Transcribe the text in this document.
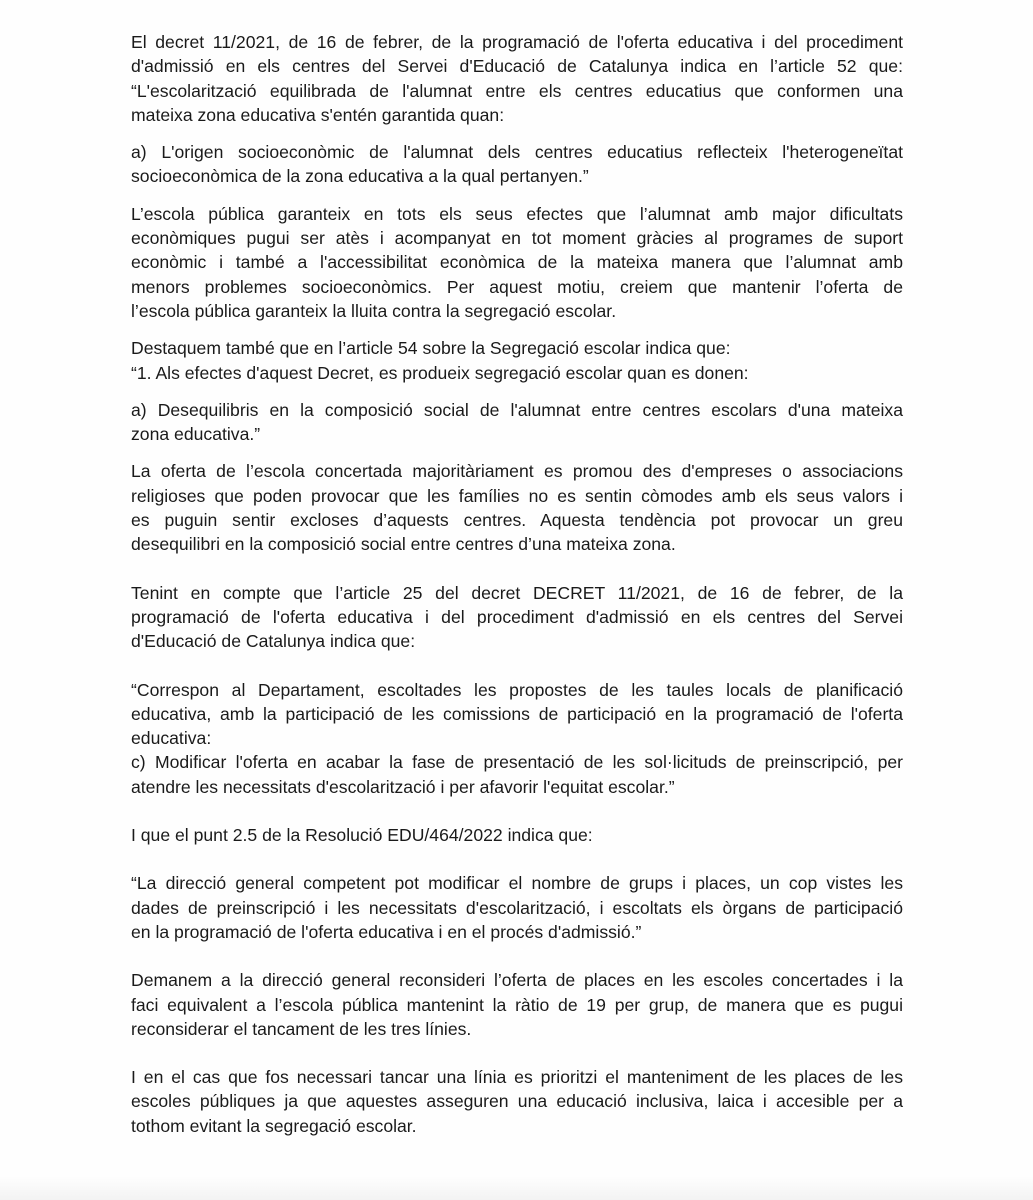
El decret 11/2021, de 16 de febrer, de la programació de l'oferta educativa i del procediment
d'admissió en els centres del Servei d'Educació de Catalunya indica en l’article 52 que:
“L'escolarització equilibrada de l'alumnat entre els centres educatius que conformen una
mateixa zona educativa s'entén garantida quan:

a) L'origen socioeconòmic de l'alumnat dels centres educatius reflecteix l'heterogeneïtat
socioeconòmica de la zona educativa a la qual pertanyen.”

L’escola pública garanteix en tots els seus efectes que l’alumnat amb major dificultats
econòmiques pugui ser atès i acompanyat en tot moment gràcies al programes de suport
econòmic i també a l'accessibilitat econòmica de la mateixa manera que l’alumnat amb
menors problemes socioeconòmics. Per aquest motiu, creiem que mantenir l’oferta de
l’escola pública garanteix la lluita contra la segregació escolar.

Destaquem també que en l’article 54 sobre la Segregació escolar indica que:
“1. Als efectes d'aquest Decret, es produeix segregació escolar quan es donen:

a) Desequilibris en la composició social de l'alumnat entre centres escolars d'una mateixa
zona educativa.”

La oferta de l’escola concertada majoritàriament es promou des d'empreses o associacions
religioses que poden provocar que les famílies no es sentin còmodes amb els seus valors i
es puguin sentir excloses d’aquests centres. Aquesta tendència pot provocar un greu
desequilibri en la composició social entre centres d’una mateixa zona.

Tenint en compte que l’article 25 del decret DECRET 11/2021, de 16 de febrer, de la
programació de l'oferta educativa i del procediment d'admissió en els centres del Servei
d'Educació de Catalunya indica que:

“Correspon al Departament, escoltades les propostes de les taules locals de planificació
educativa, amb la participació de les comissions de participació en la programació de l'oferta
educativa:
c) Modificar l'oferta en acabar la fase de presentació de les sol·licituds de preinscripció, per
atendre les necessitats d'escolarització i per afavorir l'equitat escolar.”

I que el punt 2.5 de la Resolució EDU/464/2022 indica que:

“La direcció general competent pot modificar el nombre de grups i places, un cop vistes les
dades de preinscripció i les necessitats d'escolarització, i escoltats els òrgans de participació
en la programació de l'oferta educativa i en el procés d'admissió.”

Demanem a la direcció general reconsideri l’oferta de places en les escoles concertades i la
faci equivalent a l’escola pública mantenint la ràtio de 19 per grup, de manera que es pugui
reconsiderar el tancament de les tres línies.

I en el cas que fos necessari tancar una línia es prioritzi el manteniment de les places de les
escoles públiques ja que aquestes asseguren una educació inclusiva, laica i accesible per a
tothom evitant la segregació escolar.
